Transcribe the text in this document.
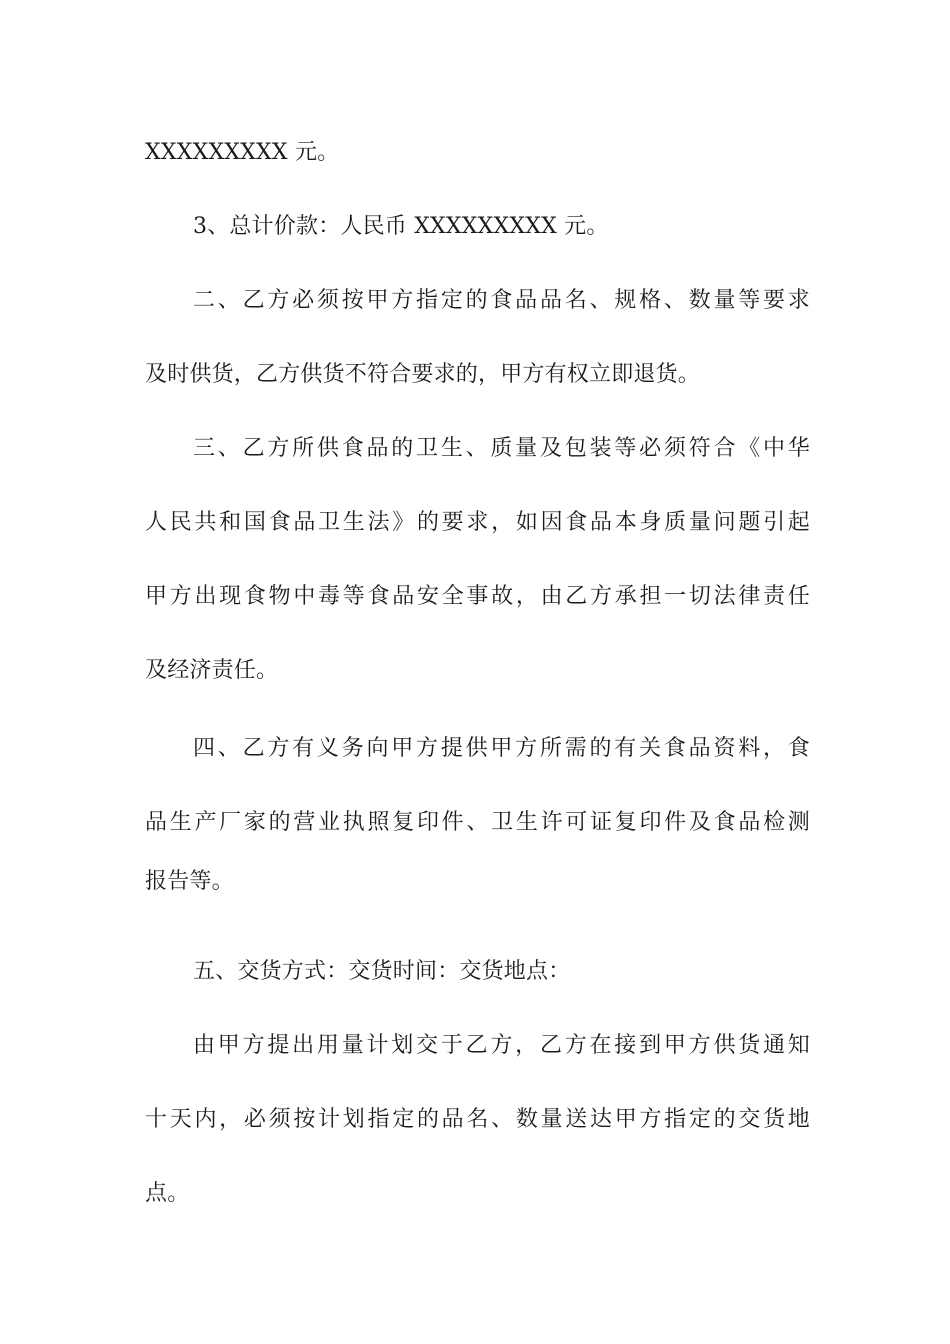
XXXXXXXXX 元。
3、总计价款：人民币 XXXXXXXXX 元。
二、乙方必须按甲方指定的食品品名、规格、数量等要求
及时供货，乙方供货不符合要求的，甲方有权立即退货。
三、乙方所供食品的卫生、质量及包装等必须符合《中华
人民共和国食品卫生法》的要求，如因食品本身质量问题引起
甲方出现食物中毒等食品安全事故，由乙方承担一切法律责任
及经济责任。
四、乙方有义务向甲方提供甲方所需的有关食品资料，食
品生产厂家的营业执照复印件、卫生许可证复印件及食品检测
报告等。
五、交货方式：交货时间：交货地点：
由甲方提出用量计划交于乙方，乙方在接到甲方供货通知
十天内，必须按计划指定的品名、数量送达甲方指定的交货地
点。
